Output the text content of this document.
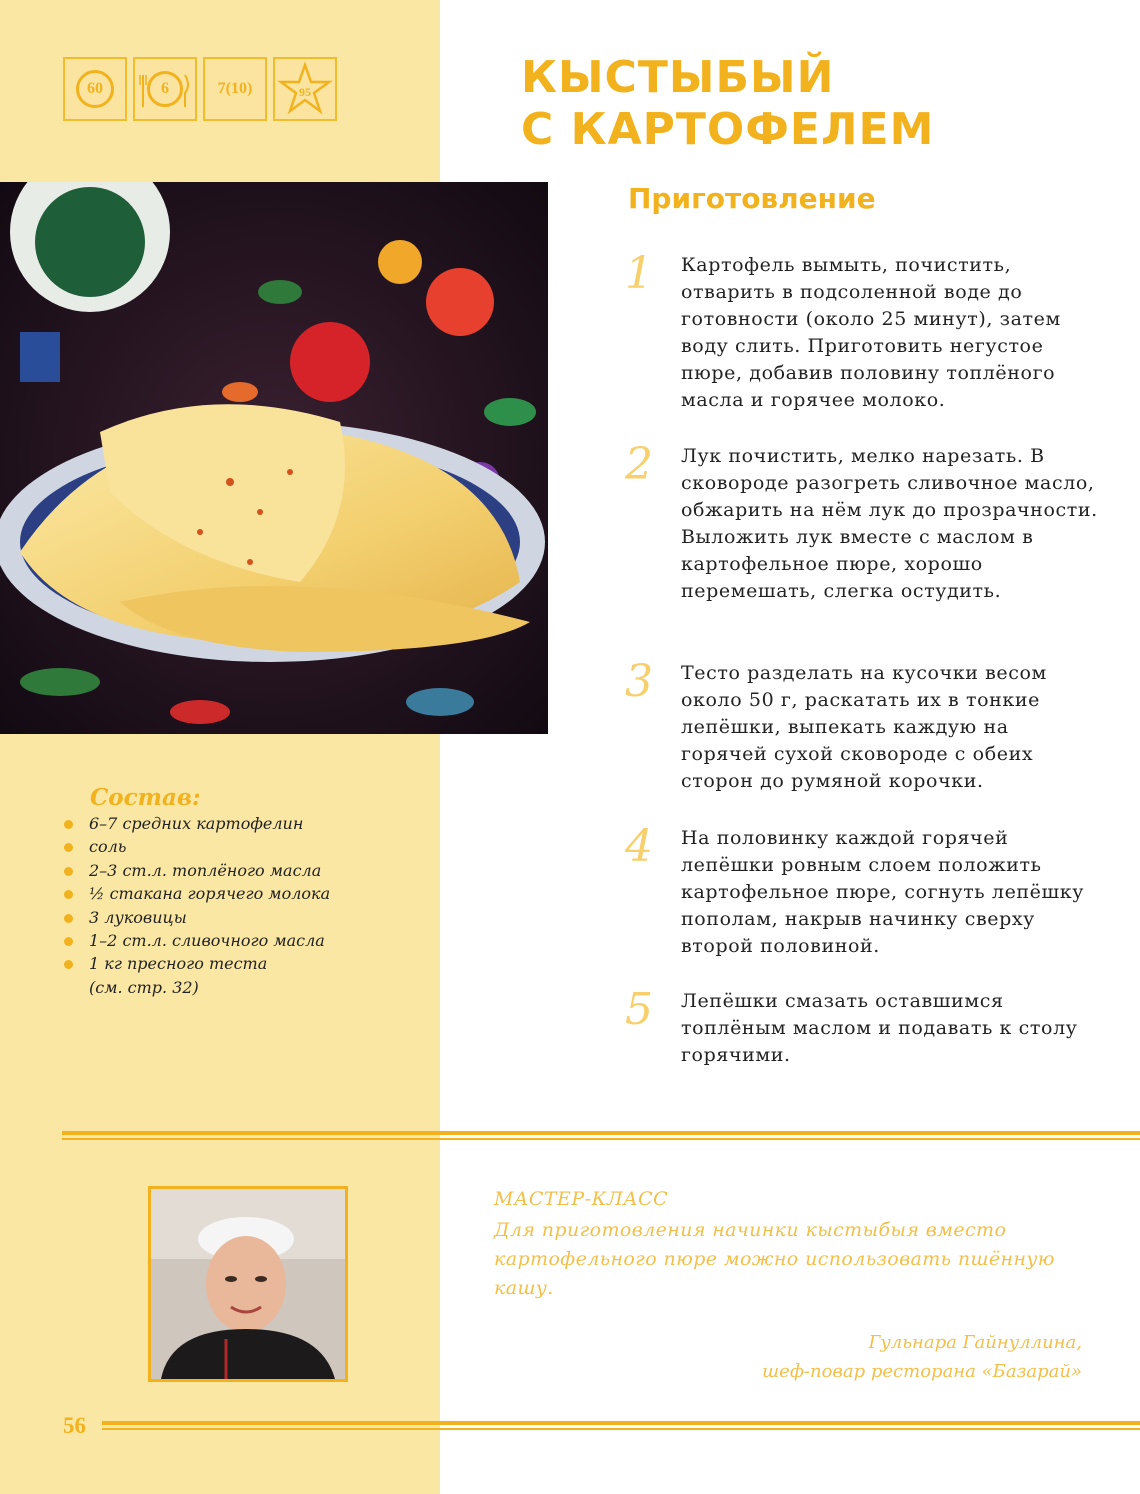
60	6	7(10)	95	КЫСТЫБЫЙ
С КАРТОФЕЛЕМ
Приготовление
1 Картофель вымыть, почистить, отварить в подсоленной воде до готовности (около 25 минут), затем воду слить. Приготовить негустое пюре, добавив половину топлёного масла и горячее молоко.
2 Лук почистить, мелко нарезать. В сковороде разогреть сливочное масло, обжарить на нём лук до прозрачности. Выложить лук вместе с маслом в картофельное пюре, хорошо перемешать, слегка остудить.
3 Тесто разделать на кусочки весом около 50 г, раскатать их в тонкие лепёшки, выпекать каждую на горячей сухой сковороде с обеих сторон до румяной корочки.
4 На половинку каждой горячей лепёшки ровным слоем положить картофельное пюре, согнуть лепёшку пополам, накрыв начинку сверху второй половиной.
5 Лепёшки смазать оставшимся топлёным маслом и подавать к столу горячими.
Состав:
6–7 средних картофелин
соль
2–3 ст.л. топлёного масла
½ стакана горячего молока
3 луковицы
1–2 ст.л. сливочного масла
1 кг пресного теста
(см. стр. 32)

МАСТЕР-КЛАСС

Для приготовления начинки кыстыбыя вместо картофельного пюре можно использовать пшённую кашу.

Гульнара Гайнуллина,
шеф-повар ресторана «Базарай»
56
